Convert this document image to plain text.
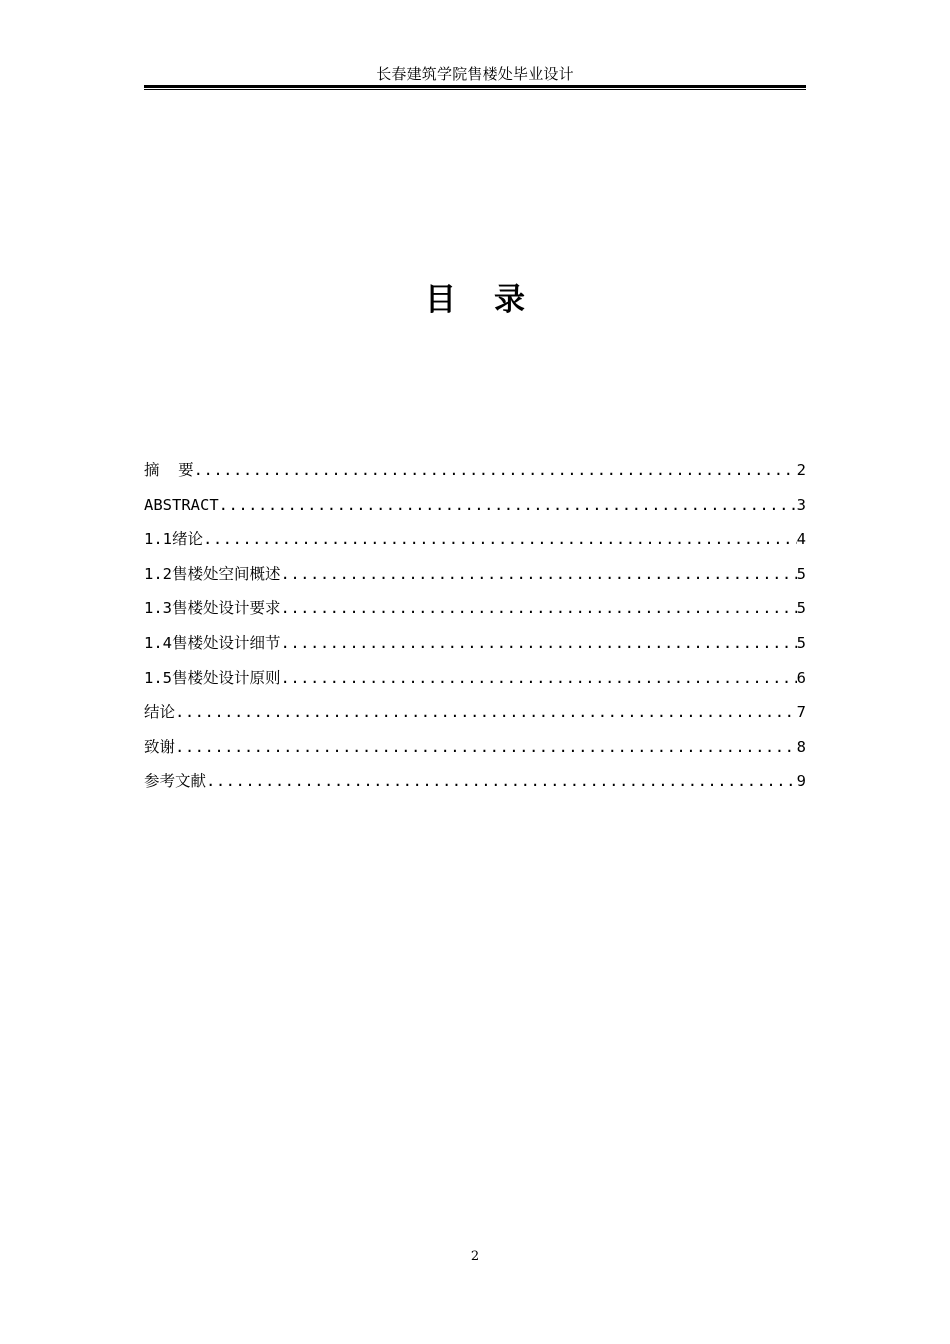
长春建筑学院售楼处毕业设计
目 录
摘  要 .....	2
ABSTRACT .....	3
1.1绪论 .....	4
1.2售楼处空间概述 .....	5
1.3售楼处设计要求 .....	5
1.4售楼处设计细节 .....	5
1.5售楼处设计原则 .....	6
结论 .....	7
致谢 .....	8
参考文献 .....	9
2
